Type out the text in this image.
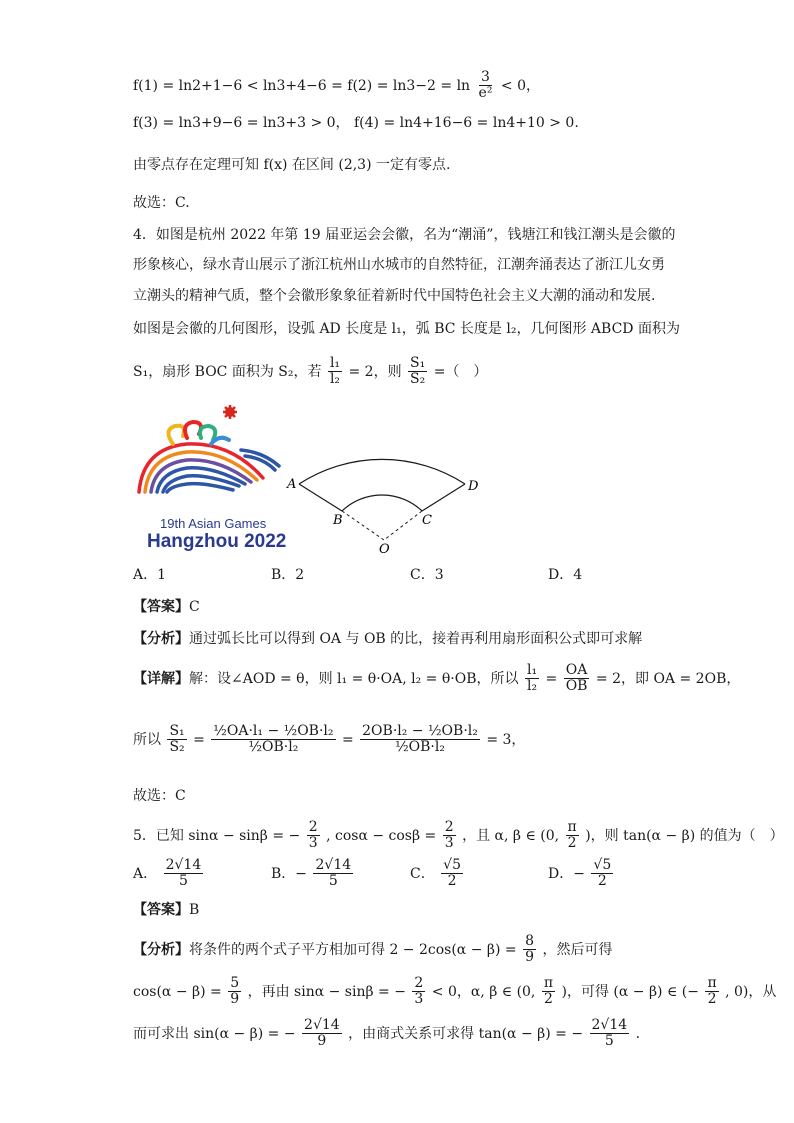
$f(1) = \ln 2+1-6 < \ln 3+4-6 = f(2) = \ln 3-2 = \ln \frac{3}{\text{e²}} < 0$，
f(3) = ln3+9−6 = ln3+3 > 0， f(4) = ln4+16−6 = ln4+10 > 0.
由零点存在定理可知 f(x) 在区间 (2,3) 一定有零点.
故选：C.
4．如图是杭州 2022 年第 19 届亚运会会徽，名为“潮涌”，钱塘江和钱江潮头是会徽的
形象核心，绿水青山展示了浙江杭州山水城市的自然特征，江潮奔涌表达了浙江儿女勇
立潮头的精神气质，整个会徽形象象征着新时代中国特色社会主义大潮的涌动和发展.
如图是会徽的几何图形，设弧 AD 长度是 l₁，弧 BC 长度是 l₂，几何图形 ABCD 面积为
S₁，扇形 BOC 面积为 S₂，若 $\frac{\text{l₁}}{\text{l₂}} = 2$，则 $\frac{\text{S₁}}{\text{S₂}}$ =（　）
19th Asian Games
Hangzhou 2022
A	D
B	C
O
A．1	B．2	C．3	D．4
【答案】C
【分析】通过弧长比可以得到 OA 与 OB 的比，接着再利用扇形面积公式即可求解
【详解】解：设∠AOD = θ，则 l₁ = θ·OA, l₂ = θ·OB，所以 $\frac{\text{l₁}}{\text{l₂}} = \frac{OA}{OB} = 2$，即 OA = 2OB，
所以 $\frac{\text{S₁}}{\text{S₂}} = \frac{\text{½OA·l₁ − ½OB·l₂}}{\text{½OB·l₂}} = \frac{\text{2OB·l₂ − ½OB·l₂}}{\text{½OB·l₂}} = 3$，
故选：C
5．已知 sinα − sinβ = − $\frac{2}{3}$ , $\cos\alpha - \cos\beta = \frac{2}{3}$ ，且 α, β ∈ (0, $\frac{\pi}{2}$ )，则 tan(α − β) 的值为（　）
A． $\frac{2√14}{5}$	B．− $\frac{2√14}{5}$	C． $\frac{√5}{2}$	D．− $\frac{√5}{2}$
【答案】B
【分析】将条件的两个式子平方相加可得 $2 - 2\cos(\alpha - \beta) = \frac{8}{9}$ ，然后可得
$\cos(\alpha - \beta) = \frac{5}{9}$ ，再由 sinα − sinβ = − $\frac{2}{3} < 0$，α, β ∈ (0, $\frac{\pi}{2}$ )，可得 (α − β) ∈ (− $\frac{\pi}{2}$ , 0)，从
而可求出 sin(α − β) = − $\frac{2√14}{9}$ ，由商式关系可求得 tan(α − β) = − $\frac{2√14}{5}$ .
